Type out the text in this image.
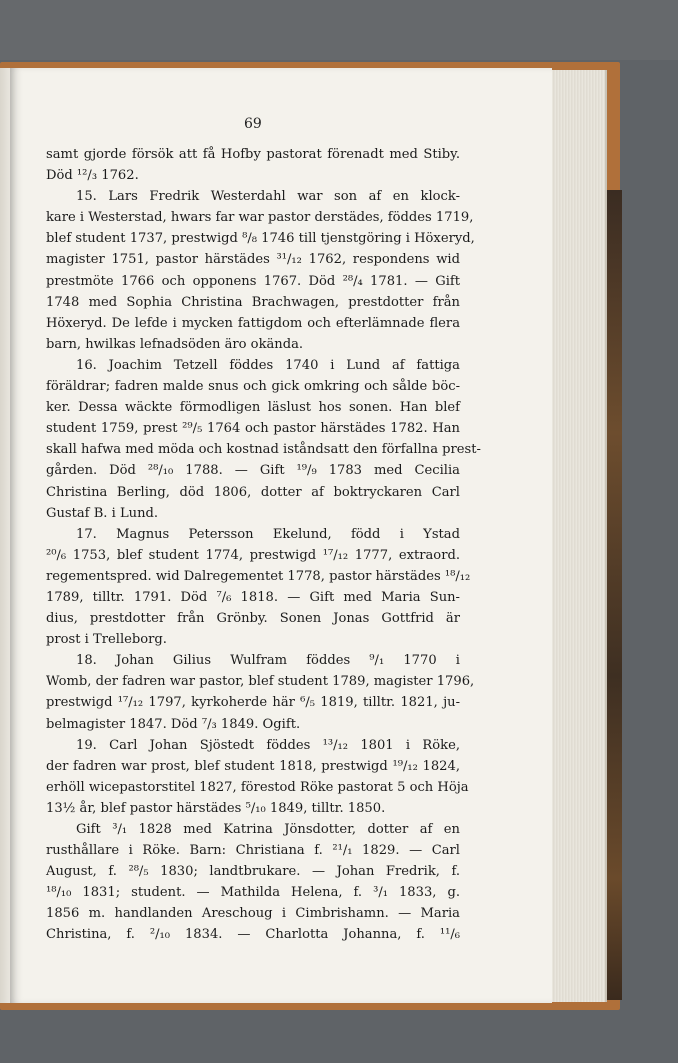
69
samt gjorde försök att få Hofby pastorat förenadt med Stiby.
Död ¹²/₃ 1762.
15. Lars Fredrik Westerdahl war son af en klock-
kare i Westerstad, hwars far war pastor derstädes, föddes 1719,
blef student 1737, prestwigd ⁸/₈ 1746 till tjenstgöring i Höxeryd,
magister 1751, pastor härstädes ³¹/₁₂ 1762, respondens wid
prestmöte 1766 och opponens 1767. Död ²⁸/₄ 1781. — Gift
1748 med Sophia Christina Brachwagen, prestdotter från
Höxeryd. De lefde i mycken fattigdom och efterlämnade flera
barn, hwilkas lefnadsöden äro okända.
16. Joachim Tetzell föddes 1740 i Lund af fattiga
föräldrar; fadren malde snus och gick omkring och sålde böc-
ker. Dessa wäckte förmodligen läslust hos sonen. Han blef
student 1759, prest ²⁹/₅ 1764 och pastor härstädes 1782. Han
skall hafwa med möda och kostnad iståndsatt den förfallna prest-
gården. Död ²⁸/₁₀ 1788. — Gift ¹⁹/₉ 1783 med Cecilia
Christina Berling, död 1806, dotter af boktryckaren Carl
Gustaf B. i Lund.
17. Magnus Petersson Ekelund, född i Ystad
²⁰/₆ 1753, blef student 1774, prestwigd ¹⁷/₁₂ 1777, extraord.
regementspred. wid Dalregementet 1778, pastor härstädes ¹⁸/₁₂
1789, tilltr. 1791. Död ⁷/₆ 1818. — Gift med Maria Sun-
dius, prestdotter från Grönby. Sonen Jonas Gottfrid är
prost i Trelleborg.
18. Johan Gilius Wulfram föddes ⁹/₁ 1770 i
Womb, der fadren war pastor, blef student 1789, magister 1796,
prestwigd ¹⁷/₁₂ 1797, kyrkoherde här ⁶/₅ 1819, tilltr. 1821, ju-
belmagister 1847. Död ⁷/₃ 1849. Ogift.
19. Carl Johan Sjöstedt föddes ¹³/₁₂ 1801 i Röke,
der fadren war prost, blef student 1818, prestwigd ¹⁹/₁₂ 1824,
erhöll wicepastorstitel 1827, förestod Röke pastorat 5 och Höja
13½ år, blef pastor härstädes ⁵/₁₀ 1849, tilltr. 1850.
Gift ³/₁ 1828 med Katrina Jönsdotter, dotter af en
rusthållare i Röke. Barn: Christiana f. ²¹/₁ 1829. — Carl
August, f. ²⁸/₅ 1830; landtbrukare. — Johan Fredrik, f.
¹⁸/₁₀ 1831; student. — Mathilda Helena, f. ³/₁ 1833, g.
1856 m. handlanden Areschoug i Cimbrishamn. — Maria
Christina, f. ²/₁₀ 1834. — Charlotta Johanna, f. ¹¹/₆
